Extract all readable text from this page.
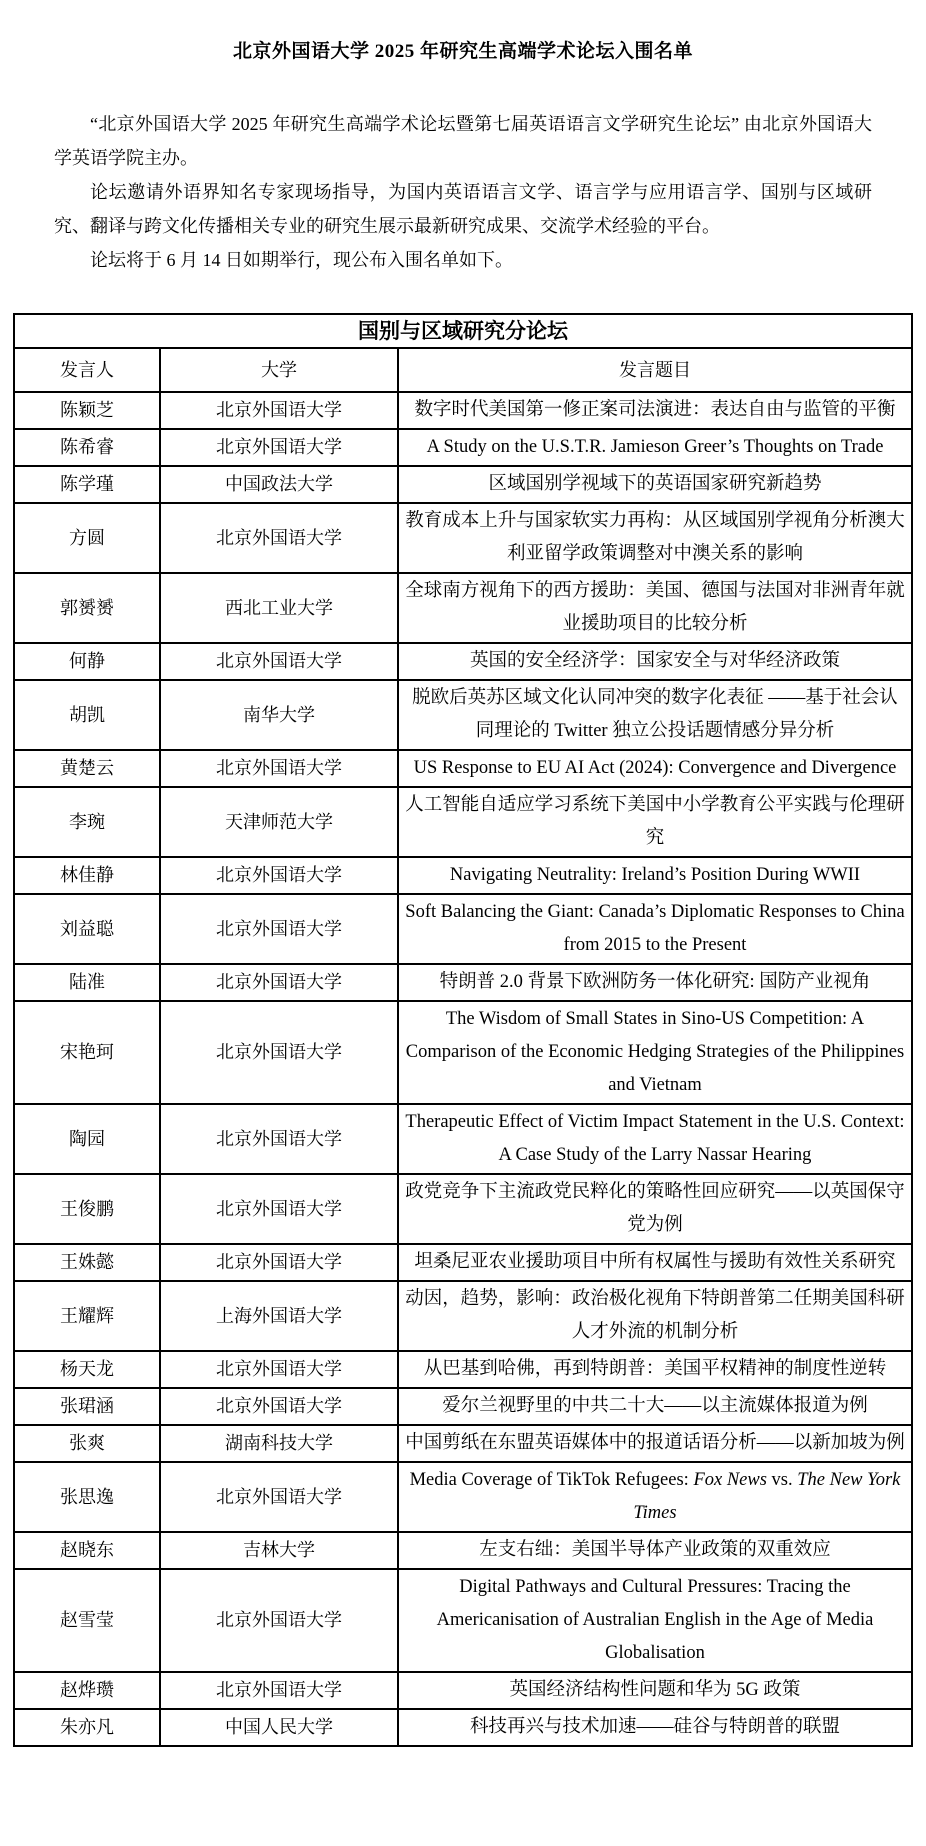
北京外国语大学 2025 年研究生高端学术论坛入围名单

“北京外国语大学 2025 年研究生高端学术论坛暨第七届英语语言文学研究生论坛” 由北京外国语大学英语学院主办。

论坛邀请外语界知名专家现场指导，为国内英语语言文学、语言学与应用语言学、国别与区域研究、翻译与跨文化传播相关专业的研究生展示最新研究成果、交流学术经验的平台。

论坛将于 6 月 14 日如期举行，现公布入围名单如下。

国别与区域研究分论坛		
发言人	大学	发言题目
陈颖芝	北京外国语大学	数字时代美国第一修正案司法演进：表达自由与监管的平衡
陈希睿	北京外国语大学	A Study on the U.S.T.R. Jamieson Greer’s Thoughts on Trade
陈学瑾	中国政法大学	区域国别学视域下的英语国家研究新趋势
方圆	北京外国语大学	教育成本上升与国家软实力再构：从区域国别学视角分析澳大利亚留学政策调整对中澳关系的影响
郭赟赟	西北工业大学	全球南方视角下的西方援助：美国、德国与法国对非洲青年就业援助项目的比较分析
何静	北京外国语大学	英国的安全经济学：国家安全与对华经济政策
胡凯	南华大学	脱欧后英苏区域文化认同冲突的数字化表征 ——基于社会认同理论的 Twitter 独立公投话题情感分异分析
黄楚云	北京外国语大学	US Response to EU AI Act (2024): Convergence and Divergence
李琬	天津师范大学	人工智能自适应学习系统下美国中小学教育公平实践与伦理研究
林佳静	北京外国语大学	Navigating Neutrality: Ireland’s Position During WWII
刘益聪	北京外国语大学	Soft Balancing the Giant: Canada’s Diplomatic Responses to China from 2015 to the Present
陆准	北京外国语大学	特朗普 2.0 背景下欧洲防务一体化研究: 国防产业视角
宋艳珂	北京外国语大学	The Wisdom of Small States in Sino-US Competition: A Comparison of the Economic Hedging Strategies of the Philippines and Vietnam
陶园	北京外国语大学	Therapeutic Effect of Victim Impact Statement in the U.S. Context: A Case Study of the Larry Nassar Hearing
王俊鹏	北京外国语大学	政党竞争下主流政党民粹化的策略性回应研究——以英国保守党为例
王姝懿	北京外国语大学	坦桑尼亚农业援助项目中所有权属性与援助有效性关系研究
王耀辉	上海外国语大学	动因，趋势，影响：政治极化视角下特朗普第二任期美国科研人才外流的机制分析
杨天龙	北京外国语大学	从巴基到哈佛，再到特朗普：美国平权精神的制度性逆转
张珺涵	北京外国语大学	爱尔兰视野里的中共二十大——以主流媒体报道为例
张爽	湖南科技大学	中国剪纸在东盟英语媒体中的报道话语分析——以新加坡为例
张思逸	北京外国语大学	Media Coverage of TikTok Refugees: Fox News vs. The New York Times
赵晓东	吉林大学	左支右绌：美国半导体产业政策的双重效应
赵雪莹	北京外国语大学	Digital Pathways and Cultural Pressures: Tracing the Americanisation of Australian English in the Age of Media Globalisation
赵烨瓒	北京外国语大学	英国经济结构性问题和华为 5G 政策
朱亦凡	中国人民大学	科技再兴与技术加速——硅谷与特朗普的联盟
